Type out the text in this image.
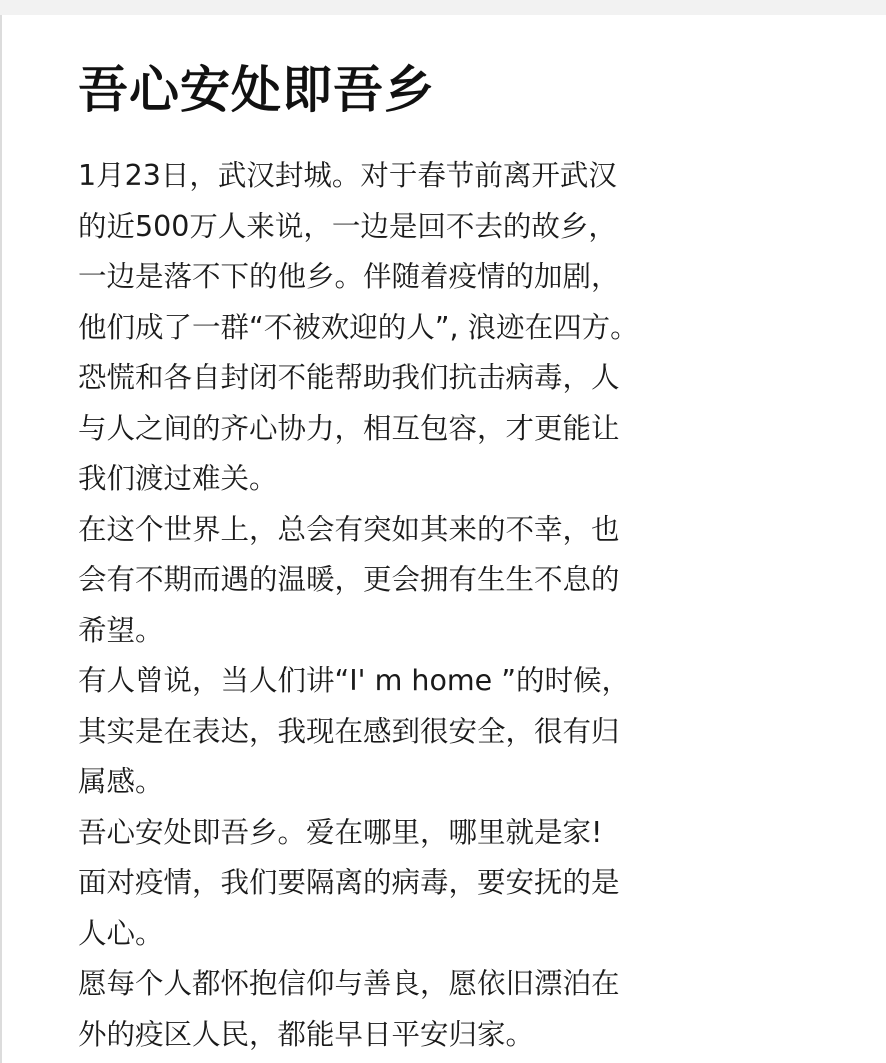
吾心安处即吾乡
1月23日，武汉封城。对于春节前离开武汉
的近500万人来说，一边是回不去的故乡，
一边是落不下的他乡。伴随着疫情的加剧，
他们成了一群“不被欢迎的人”, 浪迹在四方。
恐慌和各自封闭不能帮助我们抗击病毒，人
与人之间的齐心协力，相互包容，才更能让
我们渡过难关。
在这个世界上，总会有突如其来的不幸，也
会有不期而遇的温暖，更会拥有生生不息的
希望。
有人曾说，当人们讲“I' m home ”的时候，
其实是在表达，我现在感到很安全，很有归
属感。
吾心安处即吾乡。爱在哪里，哪里就是家!
面对疫情，我们要隔离的病毒，要安抚的是
人心。
愿每个人都怀抱信仰与善良，愿依旧漂泊在
外的疫区人民，都能早日平安归家。
